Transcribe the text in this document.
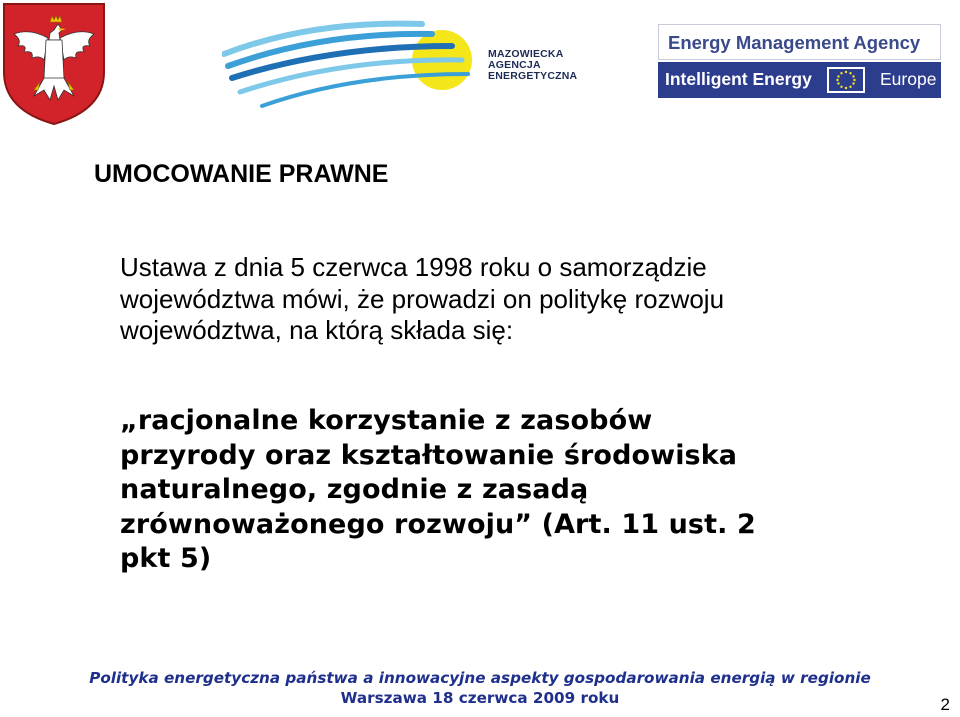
MAZOWIECKA
AGENCJA
ENERGETYCZNA
Energy Management Agency
Intelligent Energy	Europe
UMOCOWANIE PRAWNE

Ustawa z dnia 5 czerwca 1998 roku o samorządzie
województwa mówi, że prowadzi on politykę rozwoju
województwa, na którą składa się:

„racjonalne korzystanie z zasobów
przyrody oraz kształtowanie środowiska
naturalnego, zgodnie z zasadą
zrównoważonego rozwoju” (Art. 11 ust. 2
pkt 5)

Polityka energetyczna państwa a innowacyjne aspekty gospodarowania energią w regionie
Warszawa 18 czerwca 2009 roku	2
